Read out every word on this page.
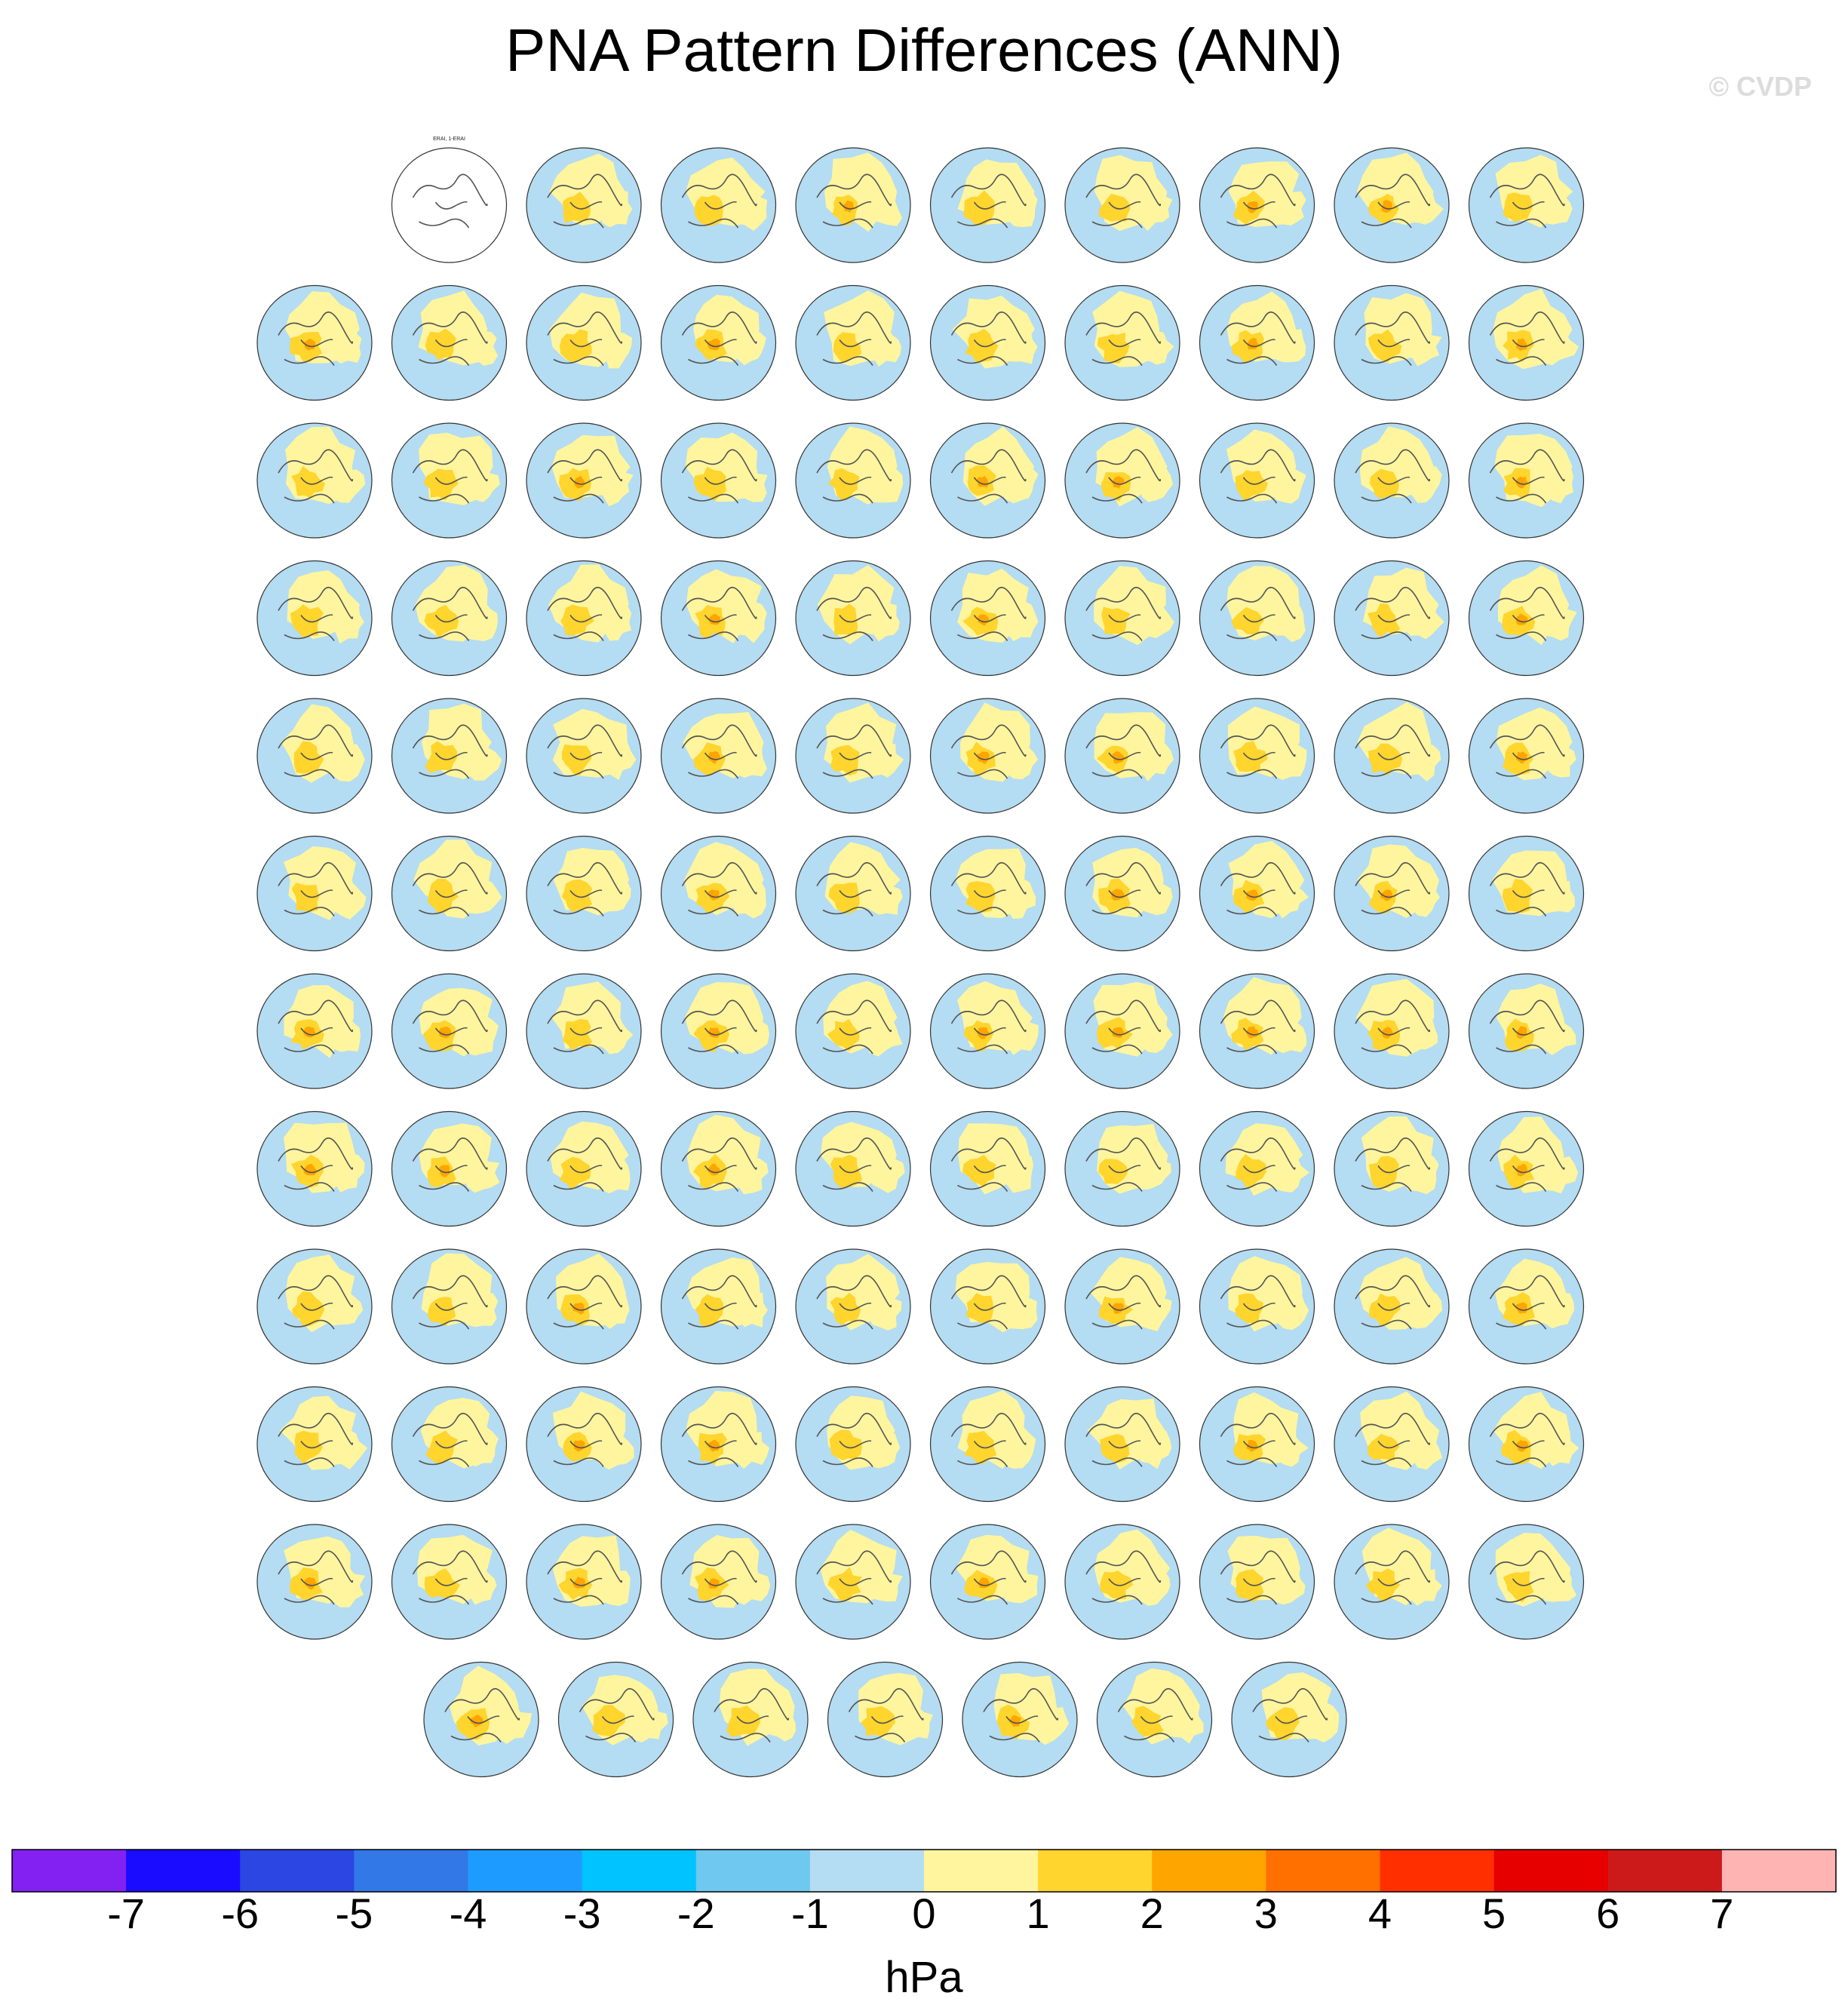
PNA Pattern Differences (ANN)
© CVDP
ERAI, 1-ERAI
-7 -6 -5 -4 -3 -2 -1 0 1 2 3 4 5 6 7
hPa
